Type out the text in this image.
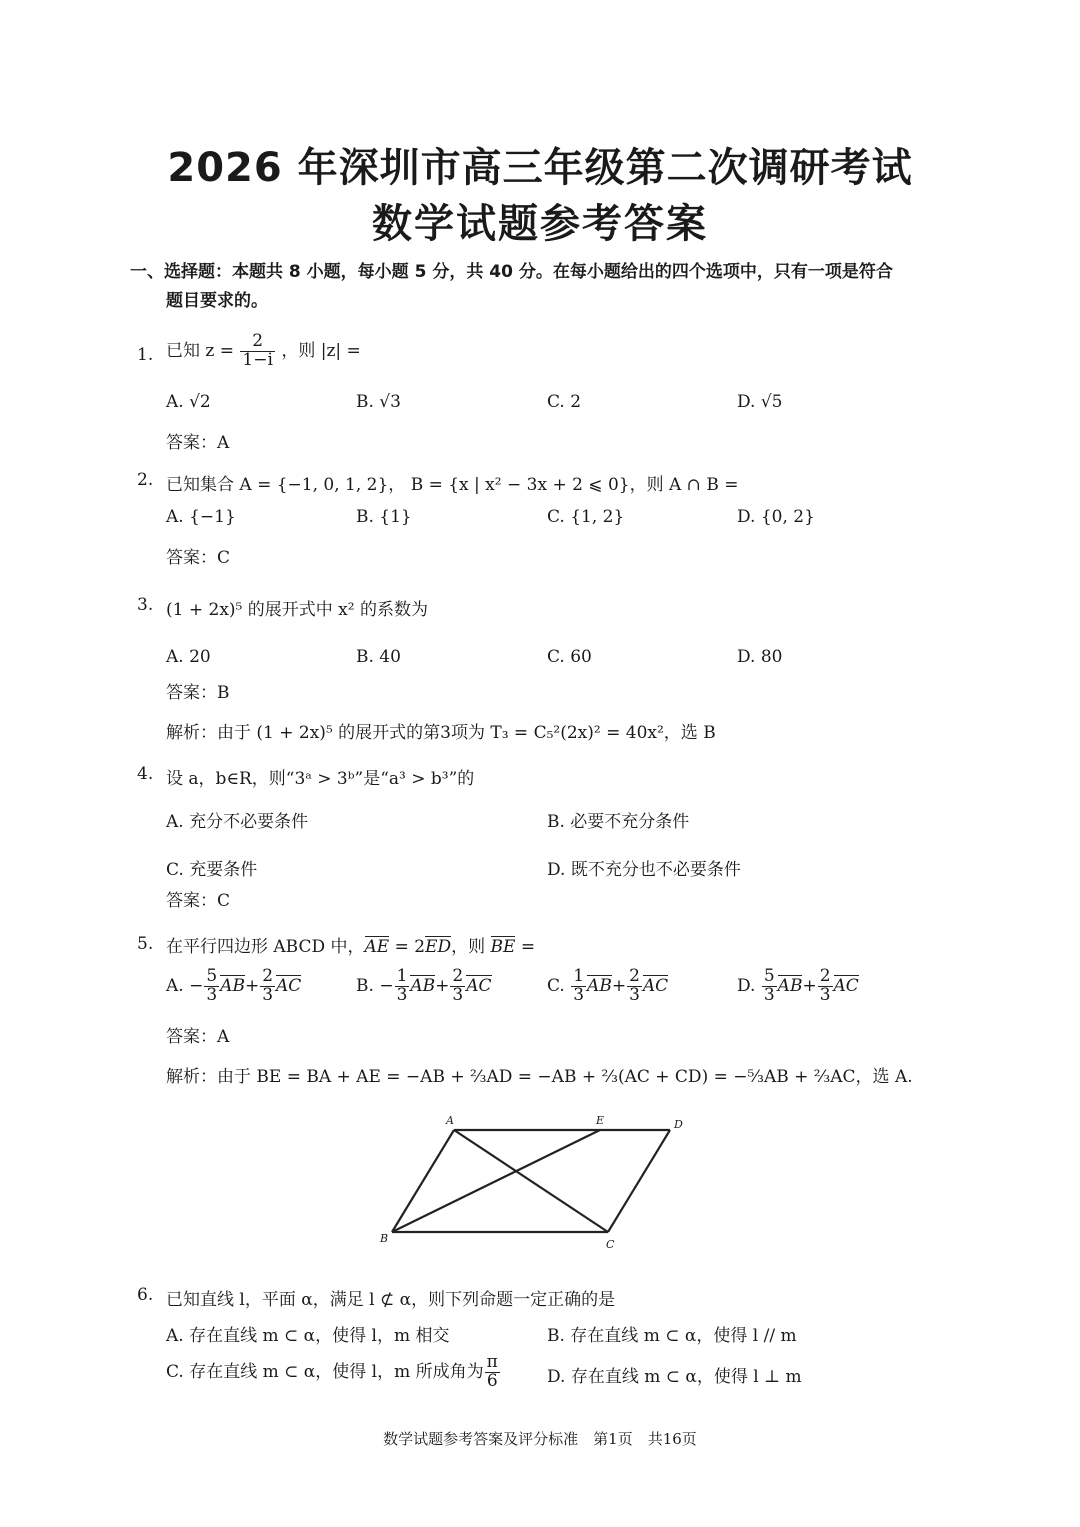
2026 年深圳市高三年级第二次调研考试
数学试题参考答案
一、选择题：本题共 8 小题，每小题 5 分，共 40 分。在每小题给出的四个选项中，只有一项是符合
题目要求的。
1. 已知 $z = \frac{2}{1-i}$ ，则 |z| =
A. √2	B. √3	C. 2	D. √5
答案：A
2. 已知集合 A = {−1, 0, 1, 2}， B = {x | x² − 3x + 2 ⩽ 0}，则 A ∩ B =
A. {−1}	B. {1}	C. {1, 2}	D. {0, 2}
答案：C
3. (1 + 2x)⁵ 的展开式中 x² 的系数为
A. 20	B. 40	C. 60	D. 80
答案：B
解析：由于 (1 + 2x)⁵ 的展开式的第3项为 T₃ = C₅²(2x)² = 40x²，选 B
4. 设 a，b∈R，则“3ᵃ > 3ᵇ”是“a³ > b³”的
A. 充分不必要条件	B. 必要不充分条件
C. 充要条件	D. 既不充分也不必要条件
答案：C
5. 在平行四边形 ABCD 中，AE = 2ED，则 BE =
A. − $\frac{5}{3} AB+ \frac{2}{3}$ AC	B. − $\frac{1}{3} AB+ \frac{2}{3}$ AC	C. $\frac{1}{3} AB+ \frac{2}{3}$ AC	D. $\frac{5}{3} AB+ \frac{2}{3}$ AC
答案：A
解析：由于 BE = BA + AE = −AB + ⅔AD = −AB + ⅔(AC + CD) = −⁵⁄₃AB + ⅔AC，选 A.
A	E	D
B	C
6. 已知直线 l，平面 α，满足 l ⊄ α，则下列命题一定正确的是
A. 存在直线 m ⊂ α，使得 l，m 相交	B. 存在直线 m ⊂ α，使得 l // m
C. 存在直线 m ⊂ α，使得 l，m 所成角为 $\frac{\pi}{6}$	D. 存在直线 m ⊂ α，使得 l ⊥ m
数学试题参考答案及评分标准　第1页　共16页
